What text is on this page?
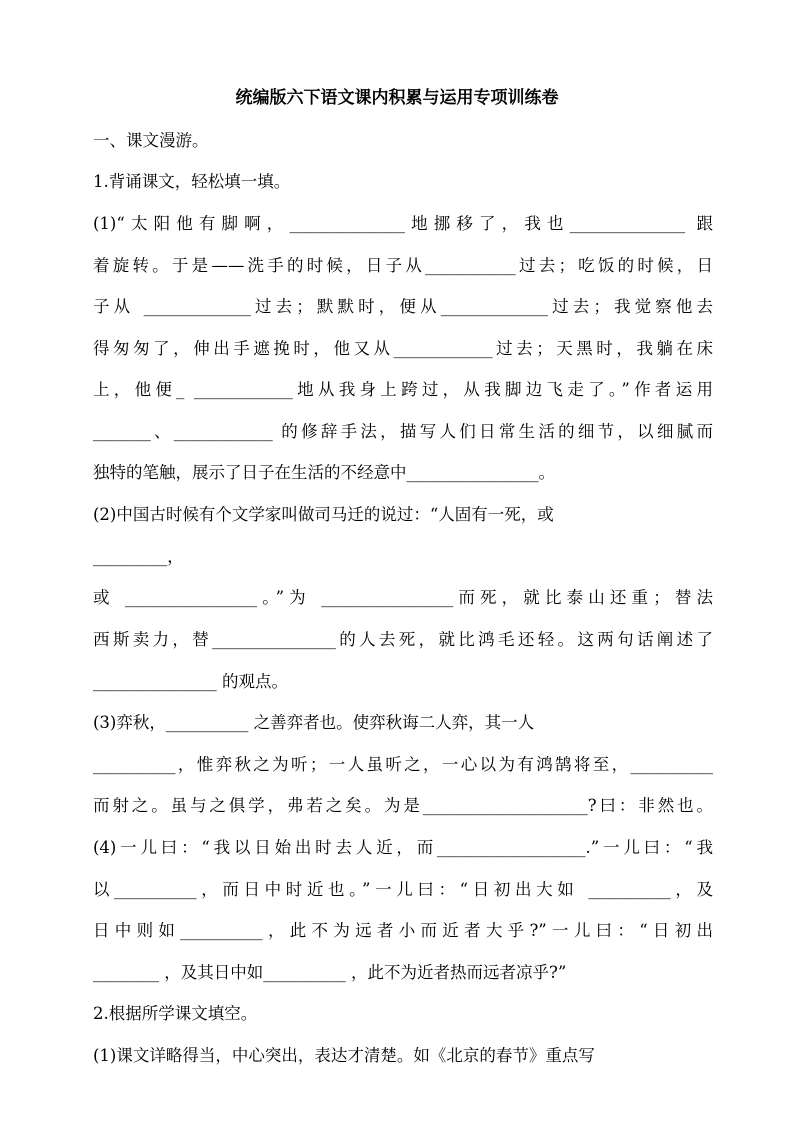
统编版六下语文课内积累与运用专项训练卷
一、课文漫游。
1.背诵课文，轻松填一填。
(1)“太阳他有脚啊，______________地挪移了，我也______________ 跟
着旋转。于是——洗手的时候，日子从___________过去；吃饭的时候，日
子从 _____________过去；默默时，便从_____________过去；我觉察他去
得匆匆了，伸出手遮挽时，他又从____________过去；天黑时，我躺在床
上，他便_ ____________地从我身上跨过，从我脚边飞走了。”作者运用
_______、____________ 的修辞手法，描写人们日常生活的细节，以细腻而
独特的笔触，展示了日子在生活的不经意中________________。
(2)中国古时候有个文学家叫做司马迁的说过：“人固有一死，或
_________，
或 ________________。”为 ________________而死，就比泰山还重；替法
西斯卖力，替_______________的人去死，就比鸿毛还轻。这两句话阐述了
_______________ 的观点。
(3)弈秋，__________ 之善弈者也。使弈秋诲二人弈，其一人
__________，惟弈秋之为听；一人虽听之，一心以为有鸿鹄将至，__________
而射之。虽与之俱学，弗若之矣。为是____________________?曰：非然也。
(4)一儿曰：“我以日始出时去人近，而__________________.”一儿曰：“我
以__________，而日中时近也。”一儿曰：“日初出大如 __________，及
日中则如__________，此不为远者小而近者大乎?”一儿曰：“日初出
________ ，及其日中如__________ ，此不为近者热而远者凉乎?”
2.根据所学课文填空。
(1)课文详略得当，中心突出，表达才清楚。如《北京的春节》重点写
